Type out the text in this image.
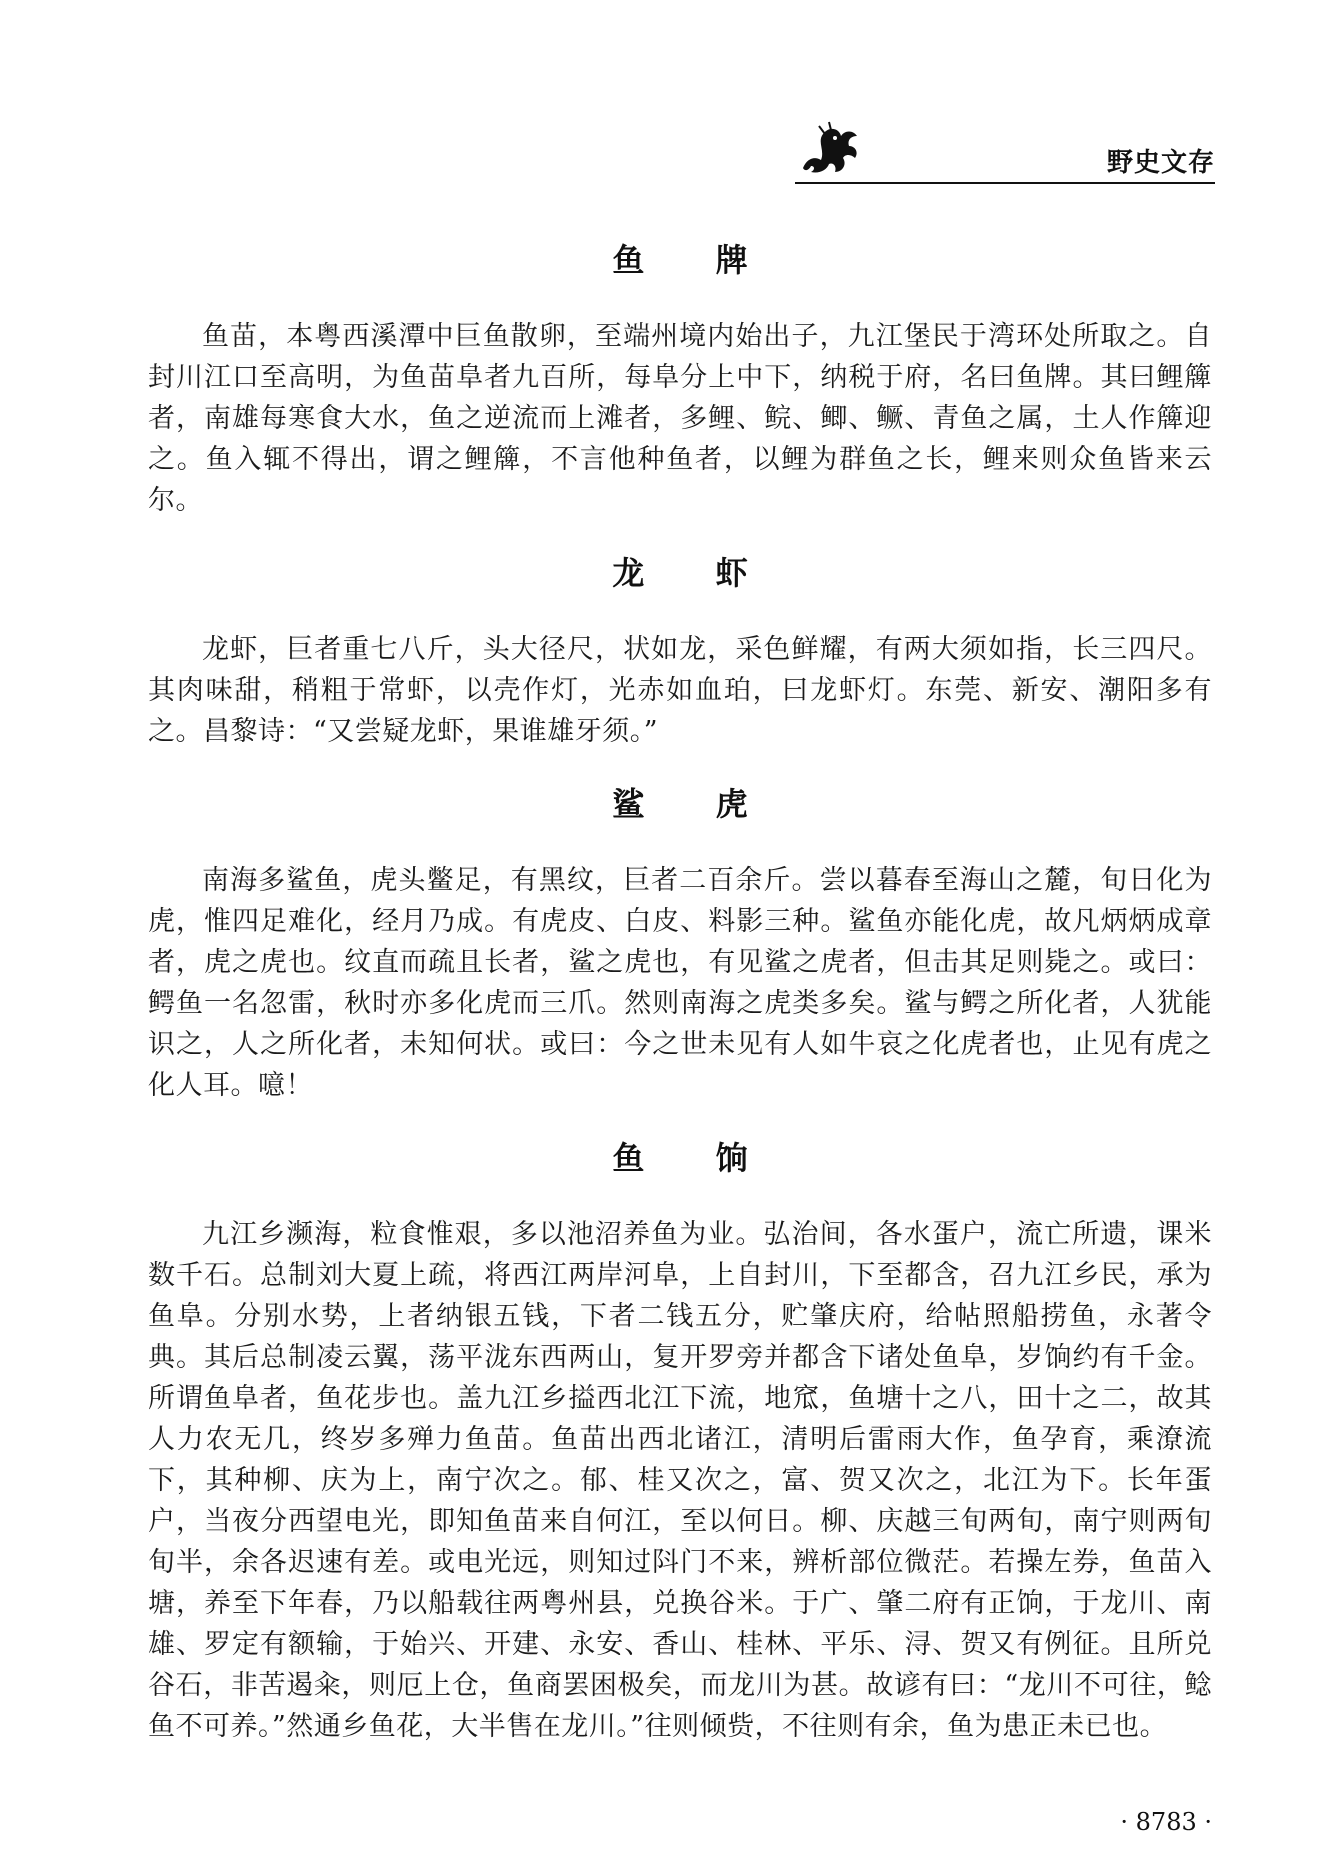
野史文存
鱼 牌

鱼苗，本粤西溪潭中巨鱼散卵，至端州境内始出子，九江堡民于湾环处所取之。自封川江口至高明，为鱼苗阜者九百所，每阜分上中下，纳税于府，名曰鱼牌。其曰鲤簰者，南雄每寒食大水，鱼之逆流而上滩者，多鲤、鲩、鲫、鳜、青鱼之属，土人作簰迎之。鱼入辄不得出，谓之鲤簰，不言他种鱼者，以鲤为群鱼之长，鲤来则众鱼皆来云尔。

龙 虾

龙虾，巨者重七八斤，头大径尺，状如龙，采色鲜耀，有两大须如指，长三四尺。其肉味甜，稍粗于常虾，以壳作灯，光赤如血珀，曰龙虾灯。东莞、新安、潮阳多有之。昌黎诗：“又尝疑龙虾，果谁雄牙须。”

鲨 虎

南海多鲨鱼，虎头鳖足，有黑纹，巨者二百余斤。尝以暮春至海山之麓，旬日化为虎，惟四足难化，经月乃成。有虎皮、白皮、料影三种。鲨鱼亦能化虎，故凡炳炳成章者，虎之虎也。纹直而疏且长者，鲨之虎也，有见鲨之虎者，但击其足则毙之。或曰：鳄鱼一名忽雷，秋时亦多化虎而三爪。然则南海之虎类多矣。鲨与鳄之所化者，人犹能识之，人之所化者，未知何状。或曰：今之世未见有人如牛哀之化虎者也，止见有虎之化人耳。噫！

鱼 饷

九江乡濒海，粒食惟艰，多以池沼养鱼为业。弘治间，各水蛋户，流亡所遗，课米数千石。总制刘大夏上疏，将西江两岸河阜，上自封川，下至都含，召九江乡民，承为鱼阜。分别水势，上者纳银五钱，下者二钱五分，贮肇庆府，给帖照船捞鱼，永著令典。其后总制凌云翼，荡平泷东西两山，复开罗旁并都含下诸处鱼阜，岁饷约有千金。所谓鱼阜者，鱼花步也。盖九江乡搤西北江下流，地窊，鱼塘十之八，田十之二，故其人力农无几，终岁多殚力鱼苗。鱼苗出西北诸江，清明后雷雨大作，鱼孕育，乘潦流下，其种柳、庆为上，南宁次之。郁、桂又次之，富、贺又次之，北江为下。长年蛋户，当夜分西望电光，即知鱼苗来自何江，至以何日。柳、庆越三旬两旬，南宁则两旬旬半，余各迟速有差。或电光远，则知过阧门不来，辨析部位微茫。若操左券，鱼苗入塘，养至下年春，乃以船载往两粤州县，兑换谷米。于广、肇二府有正饷，于龙川、南雄、罗定有额输，于始兴、开建、永安、香山、桂林、平乐、浔、贺又有例征。且所兑谷石，非苦遏籴，则厄上仓，鱼商罢困极矣，而龙川为甚。故谚有曰：“龙川不可往，鲶鱼不可养。”然通乡鱼花，大半售在龙川。”往则倾赀，不往则有余，鱼为患正未已也。

· 8783 ·
